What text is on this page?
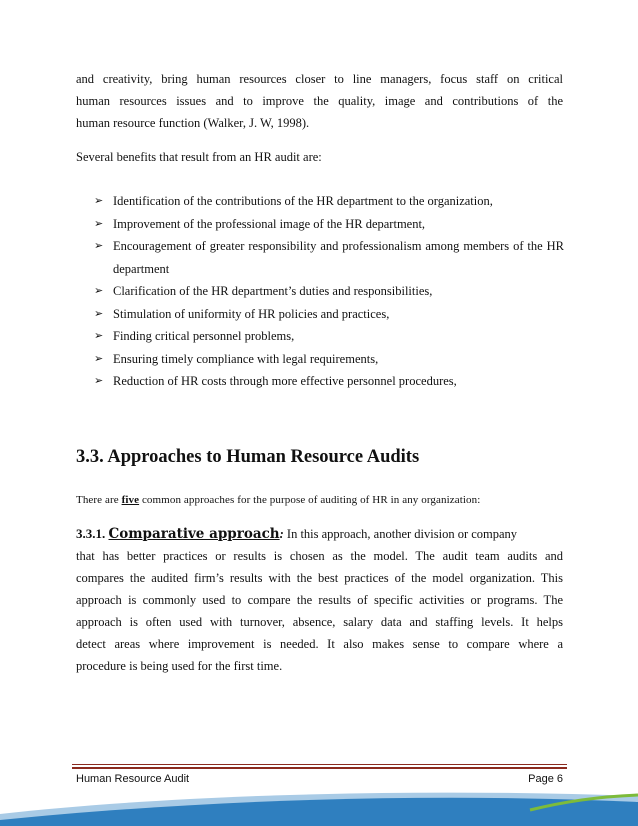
and creativity, bring human resources closer to line managers, focus staff on critical
human resources issues and to improve the quality, image and contributions of the
human resource function (Walker, J. W, 1998).

Several benefits that result from an HR audit are:

➢ Identification of the contributions of the HR department to the organization,
➢ Improvement of the professional image of the HR department,
➢ Encouragement of greater responsibility and professionalism among members of the HR department
➢ Clarification of the HR department’s duties and responsibilities,
➢ Stimulation of uniformity of HR policies and practices,
➢ Finding critical personnel problems,
➢ Ensuring timely compliance with legal requirements,
➢ Reduction of HR costs through more effective personnel procedures,
3.3. Approaches to Human Resource Audits

There are five common approaches for the purpose of auditing of HR in any organization:

3.3.1. Comparative approach: In this approach, another division or company
that has better practices or results is chosen as the model. The audit team audits and
compares the audited firm’s results with the best practices of the model organization. This
approach is commonly used to compare the results of specific activities or programs. The
approach is often used with turnover, absence, salary data and staffing levels. It helps
detect areas where improvement is needed. It also makes sense to compare where a
procedure is being used for the first time.

Human Resource Audit	Page 6
